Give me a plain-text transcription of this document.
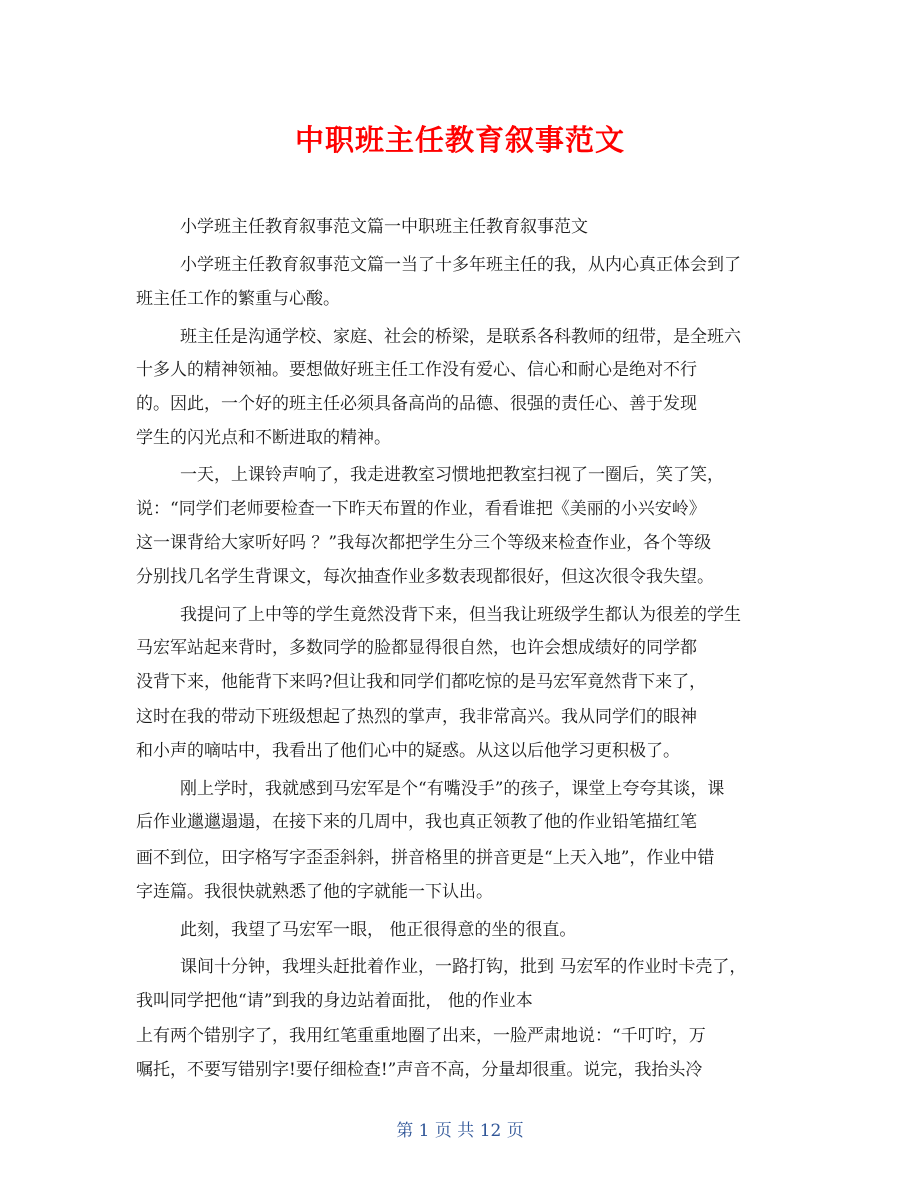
中职班主任教育叙事范文

小学班主任教育叙事范文篇一中职班主任教育叙事范文

小学班主任教育叙事范文篇一当了十多年班主任的我，从内心真正体会到了

班主任工作的繁重与心酸。

班主任是沟通学校、家庭、社会的桥梁，是联系各科教师的纽带，是全班六

十多人的精神领袖。要想做好班主任工作没有爱心、信心和耐心是绝对不行

的。因此，一个好的班主任必须具备高尚的品德、很强的责任心、善于发现

学生的闪光点和不断进取的精神。

一天，上课铃声响了，我走进教室习惯地把教室扫视了一圈后，笑了笑，

说：“同学们老师要检查一下昨天布置的作业，看看谁把《美丽的小兴安岭》

这一课背给大家听好吗 ？”我每次都把学生分三个等级来检查作业，各个等级

分别找几名学生背课文，每次抽查作业多数表现都很好，但这次很令我失望。

我提问了上中等的学生竟然没背下来，但当我让班级学生都认为很差的学生

马宏军站起来背时，多数同学的脸都显得很自然，也许会想成绩好的同学都

没背下来，他能背下来吗?但让我和同学们都吃惊的是马宏军竟然背下来了，

这时在我的带动下班级想起了热烈的掌声，我非常高兴。我从同学们的眼神

和小声的嘀咕中，我看出了他们心中的疑惑。从这以后他学习更积极了。

刚上学时，我就感到马宏军是个“有嘴没手”的孩子，课堂上夸夸其谈，课

后作业邋邋遢遢，在接下来的几周中，我也真正领教了他的作业铅笔描红笔

画不到位，田字格写字歪歪斜斜，拼音格里的拼音更是“上天入地”，作业中错

字连篇。我很快就熟悉了他的字就能一下认出。

此刻，我望了马宏军一眼， 他正很得意的坐的很直。

课间十分钟，我埋头赶批着作业，一路打钩，批到 马宏军的作业时卡壳了，

我叫同学把他“请”到我的身边站着面批， 他的作业本

上有两个错别字了，我用红笔重重地圈了出来，一脸严肃地说：“千叮咛，万

嘱托，不要写错别字!要仔细检查!”声音不高，分量却很重。说完，我抬头冷

第 1 页 共 12 页
